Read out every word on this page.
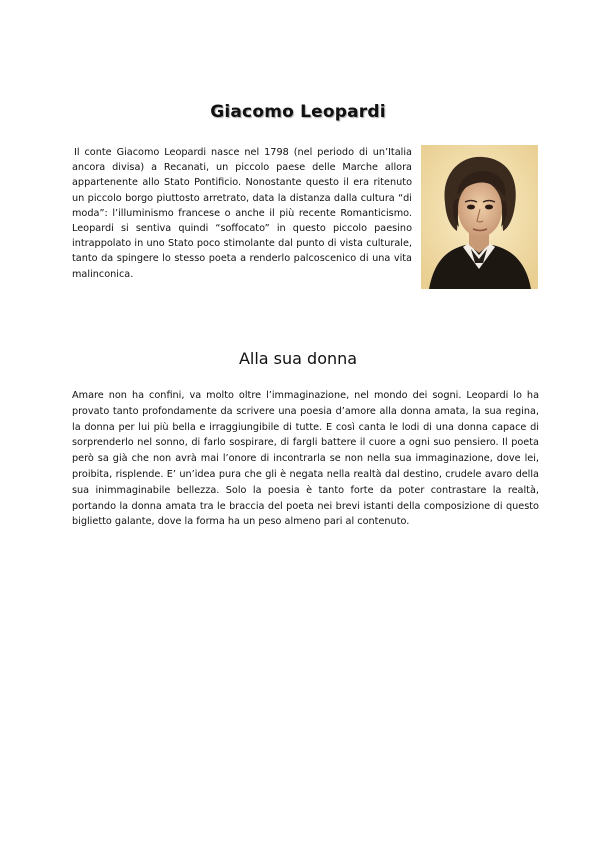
Giacomo Leopardi

Il conte Giacomo Leopardi nasce nel 1798 (nel periodo di un’Italia ancora divisa) a Recanati, un piccolo paese delle Marche allora appartenente allo Stato Pontificio. Nonostante questo il era ritenuto un piccolo borgo piuttosto arretrato, data la distanza dalla cultura “di moda”: l’illuminismo francese o anche il più recente Romanticismo. Leopardi si sentiva quindi “soffocato” in questo piccolo paesino intrappolato in uno Stato poco stimolante dal punto di vista culturale, tanto da spingere lo stesso poeta a renderlo palcoscenico di una vita malinconica.

Alla sua donna

Amare non ha confini, va molto oltre l’immaginazione, nel mondo dei sogni. Leopardi lo ha provato tanto profondamente da scrivere una poesia d’amore alla donna amata, la sua regina, la donna per lui più bella e irraggiungibile di tutte. E così canta le lodi di una donna capace di sorprenderlo nel sonno, di farlo sospirare, di fargli battere il cuore a ogni suo pensiero. Il poeta però sa già che non avrà mai l’onore di incontrarla se non nella sua immaginazione, dove lei, proibita, risplende. E’ un’idea pura che gli è negata nella realtà dal destino, crudele avaro della sua inimmaginabile bellezza. Solo la poesia è tanto forte da poter contrastare la realtà, portando la donna amata tra le braccia del poeta nei brevi istanti della composizione di questo biglietto galante, dove la forma ha un peso almeno pari al contenuto.
